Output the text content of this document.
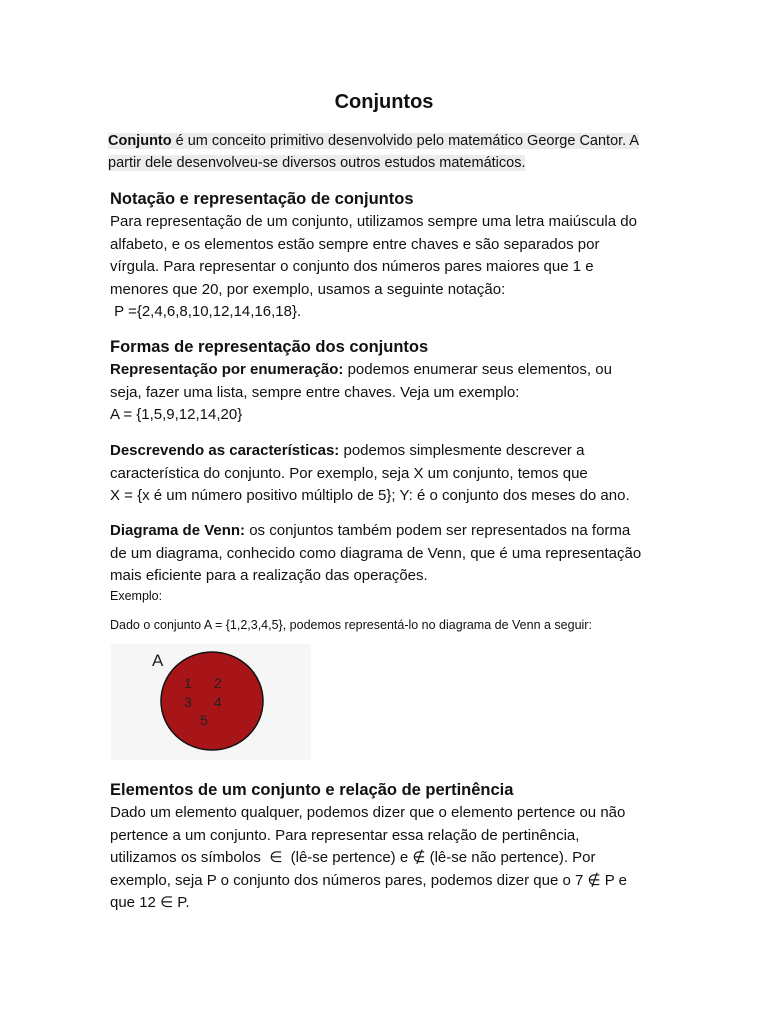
Conjuntos
Conjunto é um conceito primitivo desenvolvido pelo matemático George Cantor. A
partir dele desenvolveu-se diversos outros estudos matemáticos.
Notação e representação de conjuntos
Para representação de um conjunto, utilizamos sempre uma letra maiúscula do
alfabeto, e os elementos estão sempre entre chaves e são separados por
vírgula. Para representar o conjunto dos números pares maiores que 1 e
menores que 20, por exemplo, usamos a seguinte notação:
P ={2,4,6,8,10,12,14,16,18}.
Formas de representação dos conjuntos
Representação por enumeração: podemos enumerar seus elementos, ou
seja, fazer uma lista, sempre entre chaves. Veja um exemplo:
A = {1,5,9,12,14,20}
Descrevendo as características: podemos simplesmente descrever a
característica do conjunto. Por exemplo, seja X um conjunto, temos que
X = {x é um número positivo múltiplo de 5}; Y: é o conjunto dos meses do ano.
Diagrama de Venn: os conjuntos também podem ser representados na forma
de um diagrama, conhecido como diagrama de Venn, que é uma representação
mais eficiente para a realização das operações.
Exemplo:
Dado o conjunto A = {1,2,3,4,5}, podemos representá-lo no diagrama de Venn a seguir:
A
1 2
3 4
5
Elementos de um conjunto e relação de pertinência
Dado um elemento qualquer, podemos dizer que o elemento pertence ou não
pertence a um conjunto. Para representar essa relação de pertinência,
utilizamos os símbolos  ∈  (lê-se pertence) e ∉ (lê-se não pertence). Por
exemplo, seja P o conjunto dos números pares, podemos dizer que o 7 ∉ P e
que 12 ∈ P.
